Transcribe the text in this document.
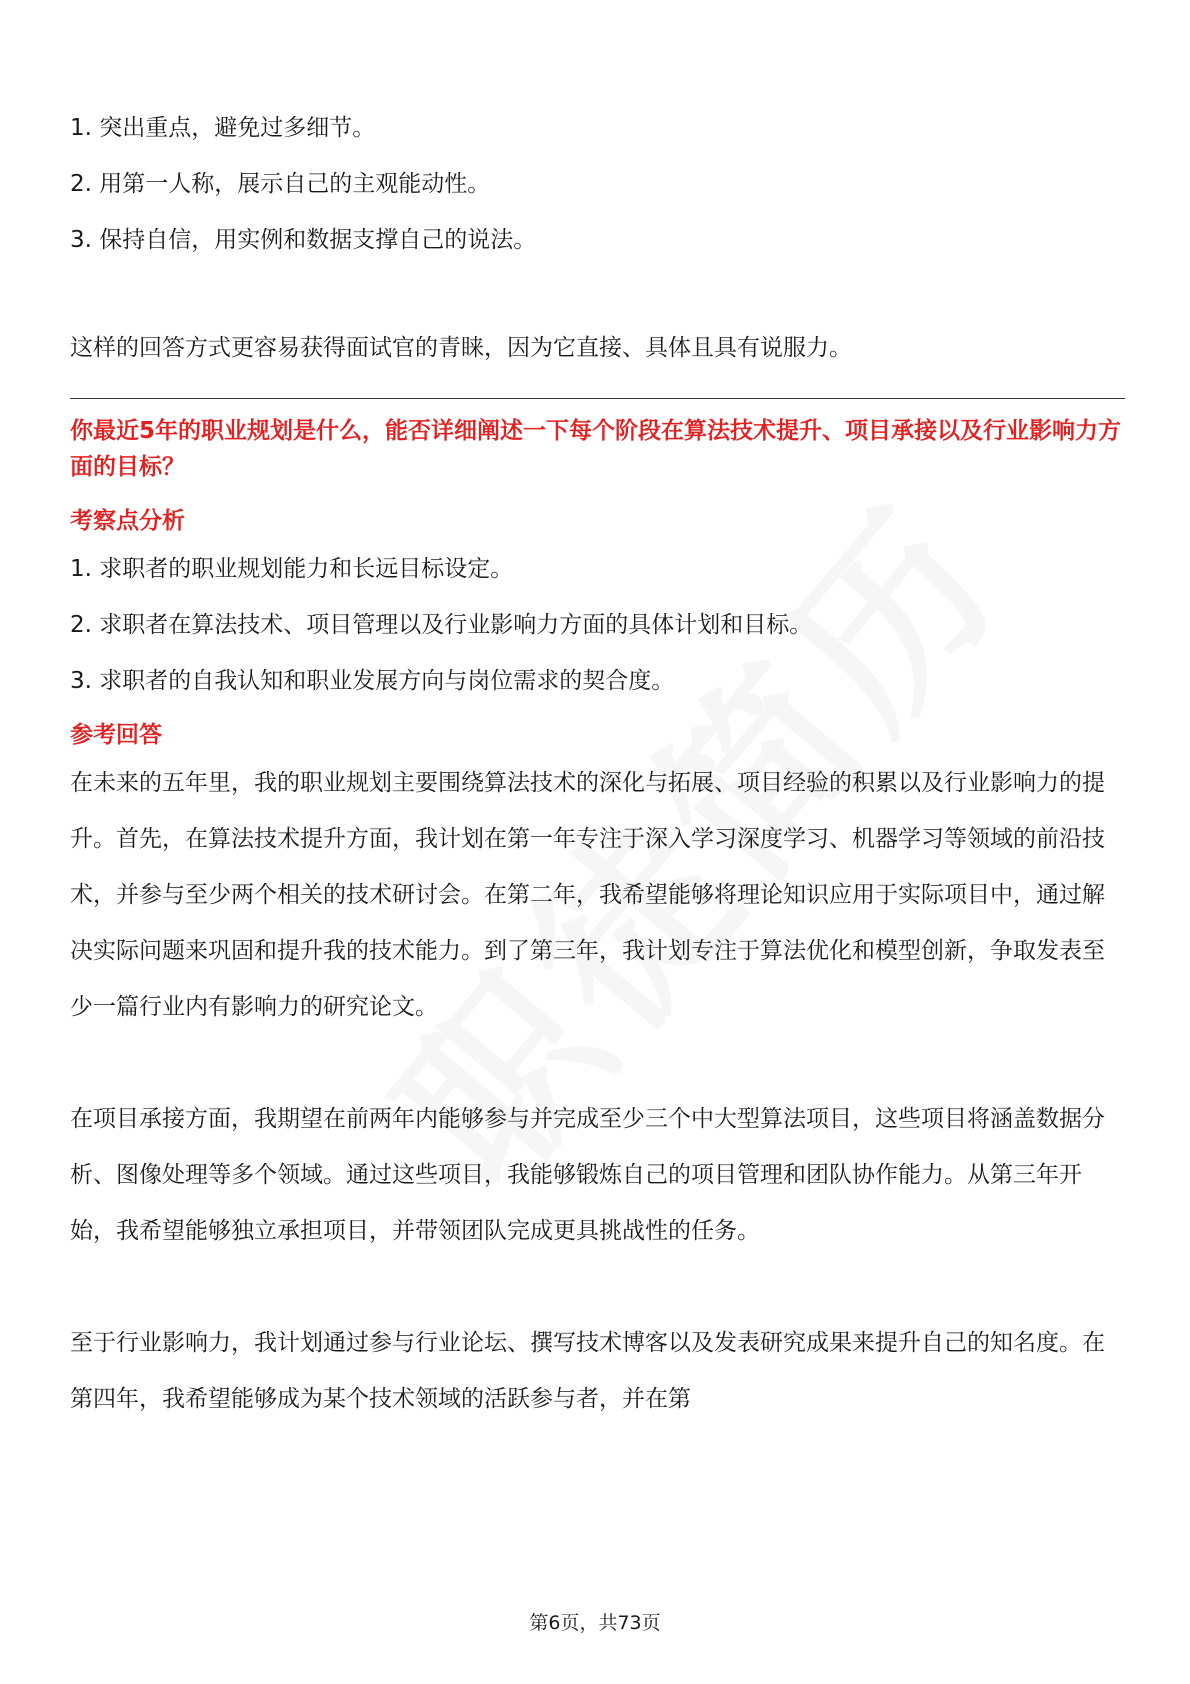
1. 突出重点，避免过多细节。

2. 用第一人称，展示自己的主观能动性。

3. 保持自信，用实例和数据支撑自己的说法。

这样的回答方式更容易获得面试官的青睐，因为它直接、具体且具有说服力。

你最近5年的职业规划是什么，能否详细阐述一下每个阶段在算法技术提升、项目承接以及行业影响力方面的目标？

考察点分析

1. 求职者的职业规划能力和长远目标设定。

2. 求职者在算法技术、项目管理以及行业影响力方面的具体计划和目标。

3. 求职者的自我认知和职业发展方向与岗位需求的契合度。

参考回答

在未来的五年里，我的职业规划主要围绕算法技术的深化与拓展、项目经验的积累以及行业影响力的提升。首先，在算法技术提升方面，我计划在第一年专注于深入学习深度学习、机器学习等领域的前沿技术，并参与至少两个相关的技术研讨会。在第二年，我希望能够将理论知识应用于实际项目中，通过解决实际问题来巩固和提升我的技术能力。到了第三年，我计划专注于算法优化和模型创新，争取发表至少一篇行业内有影响力的研究论文。

在项目承接方面，我期望在前两年内能够参与并完成至少三个中大型算法项目，这些项目将涵盖数据分析、图像处理等多个领域。通过这些项目，我能够锻炼自己的项目管理和团队协作能力。从第三年开始，我希望能够独立承担项目，并带领团队完成更具挑战性的任务。

至于行业影响力，我计划通过参与行业论坛、撰写技术博客以及发表研究成果来提升自己的知名度。在第四年，我希望能够成为某个技术领域的活跃参与者，并在第

第6页，共73页
